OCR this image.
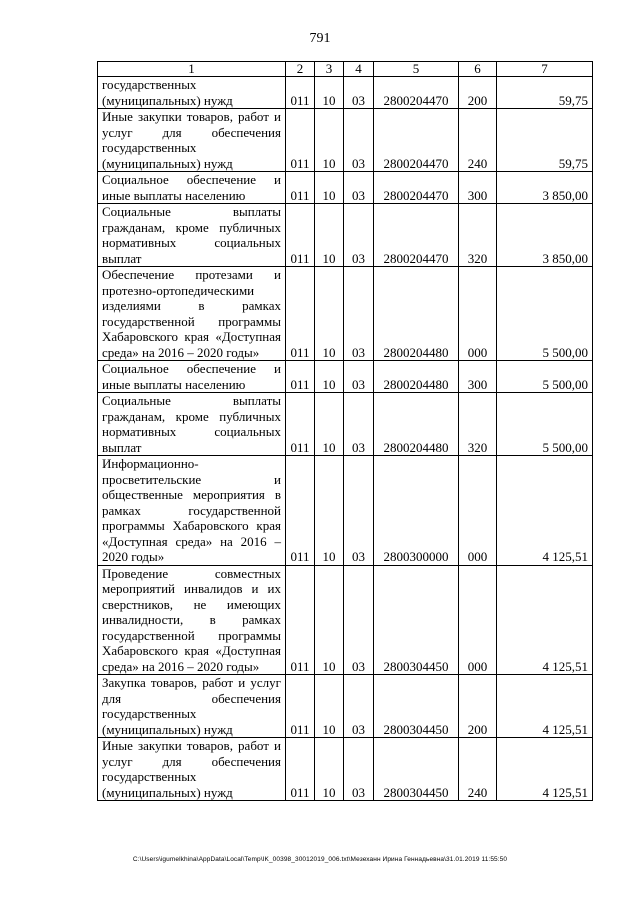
791
1	2	3	4	5	6	7
государственных (муниципальных) нужд	011	10	03	2800204470	200	59,75
Иные закупки товаров, работ и услуг для обеспечения государственных (муниципальных) нужд	011	10	03	2800204470	240	59,75
Социальное обеспечение и иные выплаты населению	011	10	03	2800204470	300	3 850,00
Социальные выплаты гражданам, кроме публичных нормативных социальных выплат	011	10	03	2800204470	320	3 850,00
Обеспечение протезами и протезно-ортопедическими изделиями в рамках государственной программы Хабаровского края «Доступная среда» на 2016 – 2020 годы»	011	10	03	2800204480	000	5 500,00
Социальное обеспечение и иные выплаты населению	011	10	03	2800204480	300	5 500,00
Социальные выплаты гражданам, кроме публичных нормативных социальных выплат	011	10	03	2800204480	320	5 500,00
Информационно-просветительские и общественные мероприятия в рамках государственной программы Хабаровского края «Доступная среда» на 2016 – 2020 годы»	011	10	03	2800300000	000	4 125,51
Проведение совместных мероприятий инвалидов и их сверстников, не имеющих инвалидности, в рамках государственной программы Хабаровского края «Доступная среда» на 2016 – 2020 годы»	011	10	03	2800304450	000	4 125,51
Закупка товаров, работ и услуг для обеспечения государственных (муниципальных) нужд	011	10	03	2800304450	200	4 125,51
Иные закупки товаров, работ и услуг для обеспечения государственных (муниципальных) нужд	011	10	03	2800304450	240	4 125,51
C:\Users\igumelkhina\AppData\Local\Temp\IK_00398_30012019_006.txt\Мезеханн Ирина Геннадьевна\31.01.2019 11:55:50
